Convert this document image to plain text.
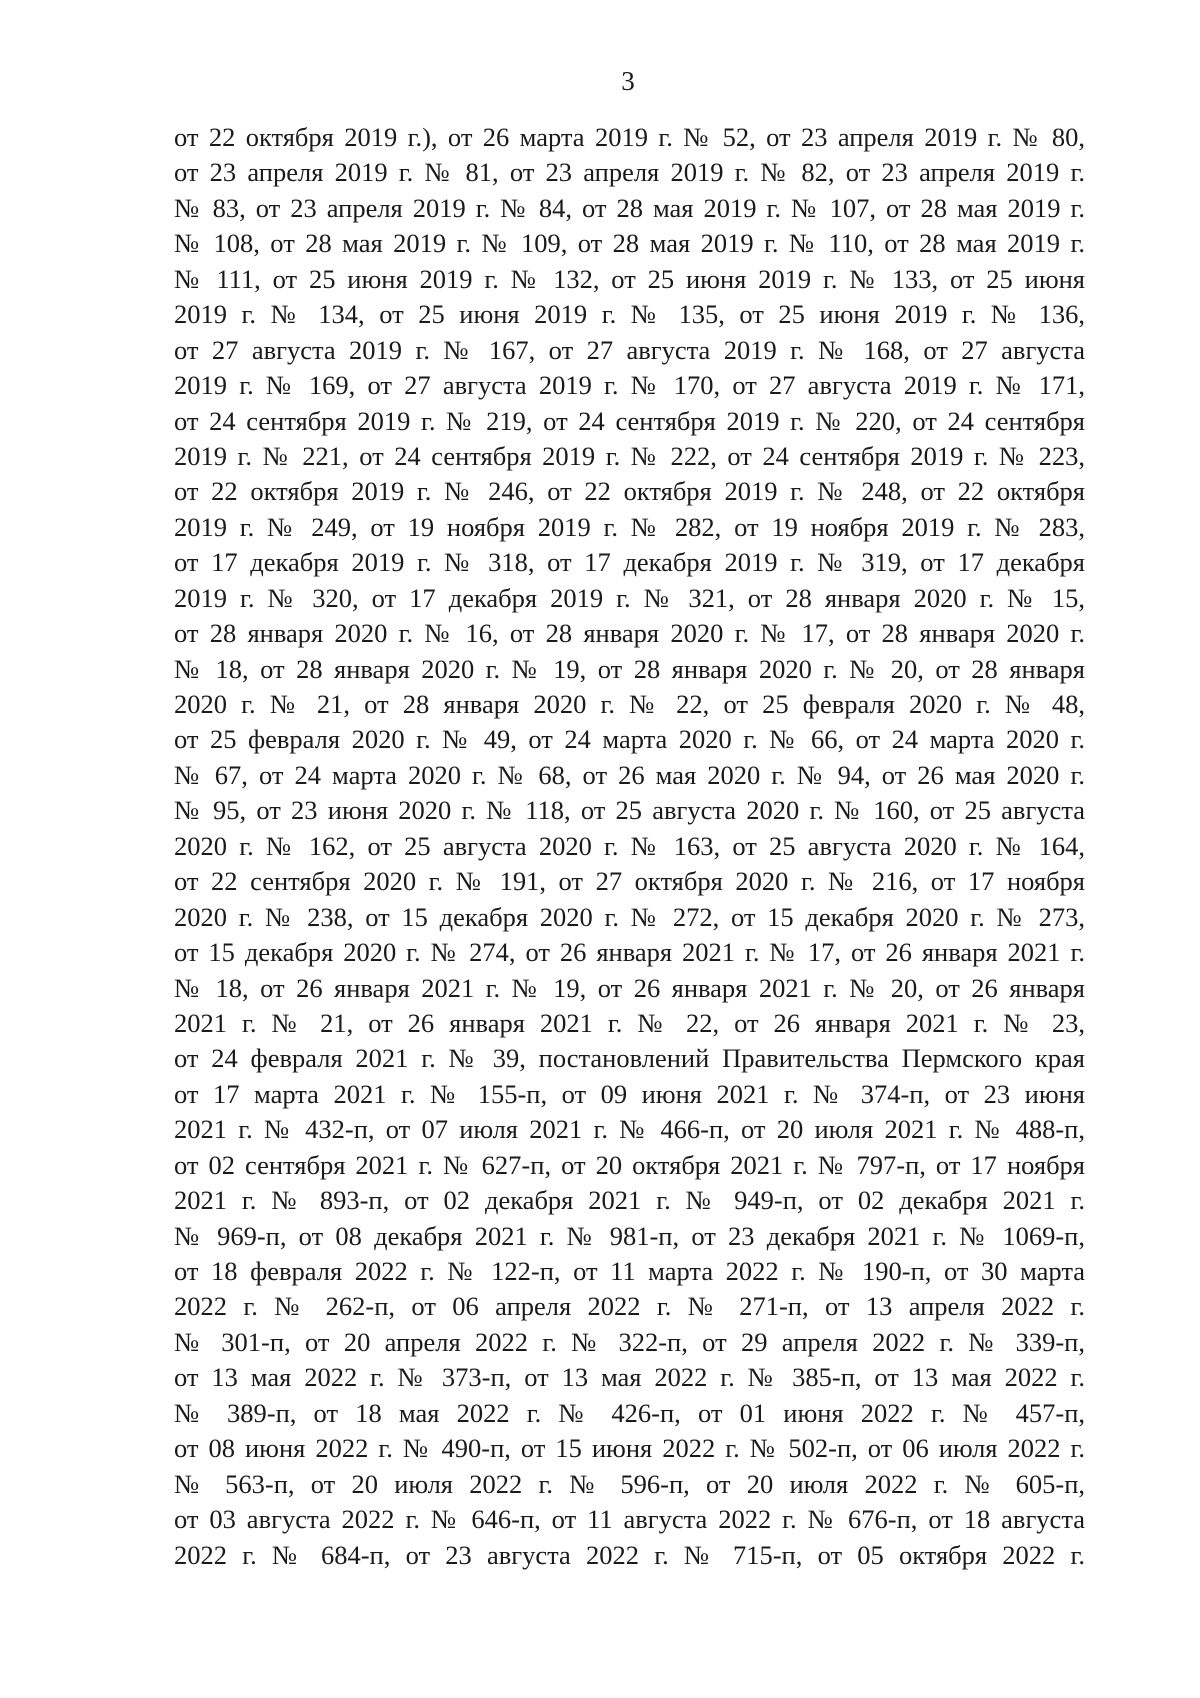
3
от 22 октября 2019 г.), от 26 марта 2019 г. № 52, от 23 апреля 2019 г. № 80,
от 23 апреля 2019 г. № 81, от 23 апреля 2019 г. № 82, от 23 апреля 2019 г.
№ 83, от 23 апреля 2019 г. № 84, от 28 мая 2019 г. № 107, от 28 мая 2019 г.
№ 108, от 28 мая 2019 г. № 109, от 28 мая 2019 г. № 110, от 28 мая 2019 г.
№ 111, от 25 июня 2019 г. № 132, от 25 июня 2019 г. № 133, от 25 июня
2019 г. № 134, от 25 июня 2019 г. № 135, от 25 июня 2019 г. № 136,
от 27 августа 2019 г. № 167, от 27 августа 2019 г. № 168, от 27 августа
2019 г. № 169, от 27 августа 2019 г. № 170, от 27 августа 2019 г. № 171,
от 24 сентября 2019 г. № 219, от 24 сентября 2019 г. № 220, от 24 сентября
2019 г. № 221, от 24 сентября 2019 г. № 222, от 24 сентября 2019 г. № 223,
от 22 октября 2019 г. № 246, от 22 октября 2019 г. № 248, от 22 октября
2019 г. № 249, от 19 ноября 2019 г. № 282, от 19 ноября 2019 г. № 283,
от 17 декабря 2019 г. № 318, от 17 декабря 2019 г. № 319, от 17 декабря
2019 г. № 320, от 17 декабря 2019 г. № 321, от 28 января 2020 г. № 15,
от 28 января 2020 г. № 16, от 28 января 2020 г. № 17, от 28 января 2020 г.
№ 18, от 28 января 2020 г. № 19, от 28 января 2020 г. № 20, от 28 января
2020 г. № 21, от 28 января 2020 г. № 22, от 25 февраля 2020 г. № 48,
от 25 февраля 2020 г. № 49, от 24 марта 2020 г. № 66, от 24 марта 2020 г.
№ 67, от 24 марта 2020 г. № 68, от 26 мая 2020 г. № 94, от 26 мая 2020 г.
№ 95, от 23 июня 2020 г. № 118, от 25 августа 2020 г. № 160, от 25 августа
2020 г. № 162, от 25 августа 2020 г. № 163, от 25 августа 2020 г. № 164,
от 22 сентября 2020 г. № 191, от 27 октября 2020 г. № 216, от 17 ноября
2020 г. № 238, от 15 декабря 2020 г. № 272, от 15 декабря 2020 г. № 273,
от 15 декабря 2020 г. № 274, от 26 января 2021 г. № 17, от 26 января 2021 г.
№ 18, от 26 января 2021 г. № 19, от 26 января 2021 г. № 20, от 26 января
2021 г. № 21, от 26 января 2021 г. № 22, от 26 января 2021 г. № 23,
от 24 февраля 2021 г. № 39, постановлений Правительства Пермского края
от 17 марта 2021 г. № 155-п, от 09 июня 2021 г. № 374-п, от 23 июня
2021 г. № 432-п, от 07 июля 2021 г. № 466-п, от 20 июля 2021 г. № 488-п,
от 02 сентября 2021 г. № 627-п, от 20 октября 2021 г. № 797-п, от 17 ноября
2021 г. № 893-п, от 02 декабря 2021 г. № 949-п, от 02 декабря 2021 г.
№ 969-п, от 08 декабря 2021 г. № 981-п, от 23 декабря 2021 г. № 1069-п,
от 18 февраля 2022 г. № 122-п, от 11 марта 2022 г. № 190-п, от 30 марта
2022 г. № 262-п, от 06 апреля 2022 г. № 271-п, от 13 апреля 2022 г.
№ 301-п, от 20 апреля 2022 г. № 322-п, от 29 апреля 2022 г. № 339-п,
от 13 мая 2022 г. № 373-п, от 13 мая 2022 г. № 385-п, от 13 мая 2022 г.
№ 389-п, от 18 мая 2022 г. № 426-п, от 01 июня 2022 г. № 457-п,
от 08 июня 2022 г. № 490-п, от 15 июня 2022 г. № 502-п, от 06 июля 2022 г.
№ 563-п, от 20 июля 2022 г. № 596-п, от 20 июля 2022 г. № 605-п,
от 03 августа 2022 г. № 646-п, от 11 августа 2022 г. № 676-п, от 18 августа
2022 г. № 684-п, от 23 августа 2022 г. № 715-п, от 05 октября 2022 г.
